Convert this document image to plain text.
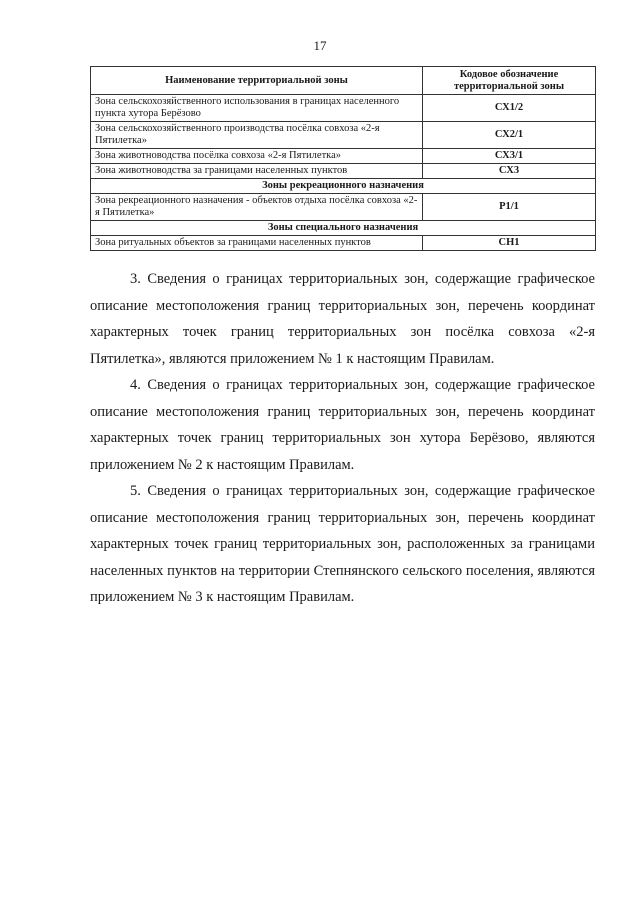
17
Наименование территориальной зоны	Кодовое обозначение территориальной зоны
Зона сельскохозяйственного использования в границах населенного пункта хутора Берёзово	СХ1/2
Зона сельскохозяйственного производства посёлка совхоза «2-я Пятилетка»	СХ2/1
Зона животноводства посёлка совхоза «2-я Пятилетка»	СХ3/1
Зона животноводства за границами населенных пунктов	СХ3
Зоны рекреационного назначения	
Зона рекреационного назначения - объектов отдыха посёлка совхоза «2-я Пятилетка»	Р1/1
Зоны специального назначения	
Зона ритуальных объектов за границами населенных пунктов	СН1

3. Сведения о границах территориальных зон, содержащие графическое описание местоположения границ территориальных зон, перечень координат характерных точек границ территориальных зон посёлка совхоза «2-я Пятилетка», являются приложением № 1 к настоящим Правилам.

4. Сведения о границах территориальных зон, содержащие графическое описание местоположения границ территориальных зон, перечень координат характерных точек границ территориальных зон хутора Берёзово, являются приложением № 2 к настоящим Правилам.

5. Сведения о границах территориальных зон, содержащие графическое описание местоположения границ территориальных зон, перечень координат характерных точек границ территориальных зон, расположенных за границами населенных пунктов на территории Степнянского сельского поселения, являются приложением № 3 к настоящим Правилам.
